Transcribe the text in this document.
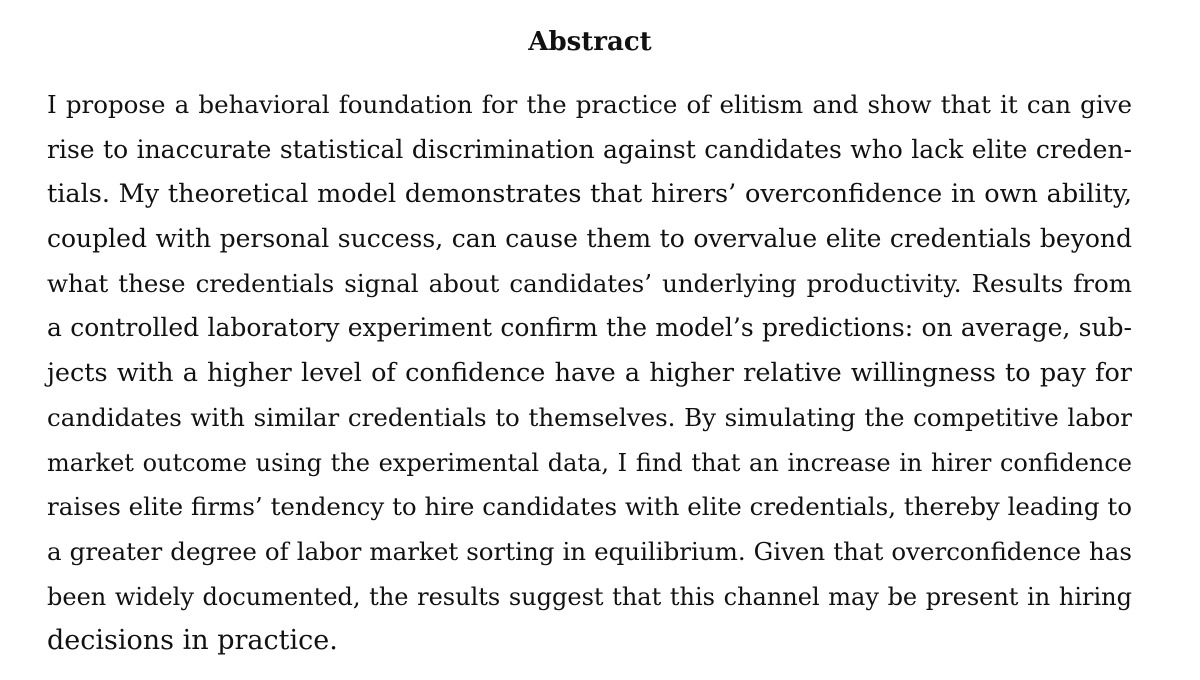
Abstract
I propose a behavioral foundation for the practice of elitism and show that it can give
rise to inaccurate statistical discrimination against candidates who lack elite creden-
tials. My theoretical model demonstrates that hirers’ overconfidence in own ability,
coupled with personal success, can cause them to overvalue elite credentials beyond
what these credentials signal about candidates’ underlying productivity. Results from
a controlled laboratory experiment confirm the model’s predictions: on average, sub-
jects with a higher level of confidence have a higher relative willingness to pay for
candidates with similar credentials to themselves. By simulating the competitive labor
market outcome using the experimental data, I find that an increase in hirer confidence
raises elite firms’ tendency to hire candidates with elite credentials, thereby leading to
a greater degree of labor market sorting in equilibrium. Given that overconfidence has
been widely documented, the results suggest that this channel may be present in hiring
decisions in practice.
